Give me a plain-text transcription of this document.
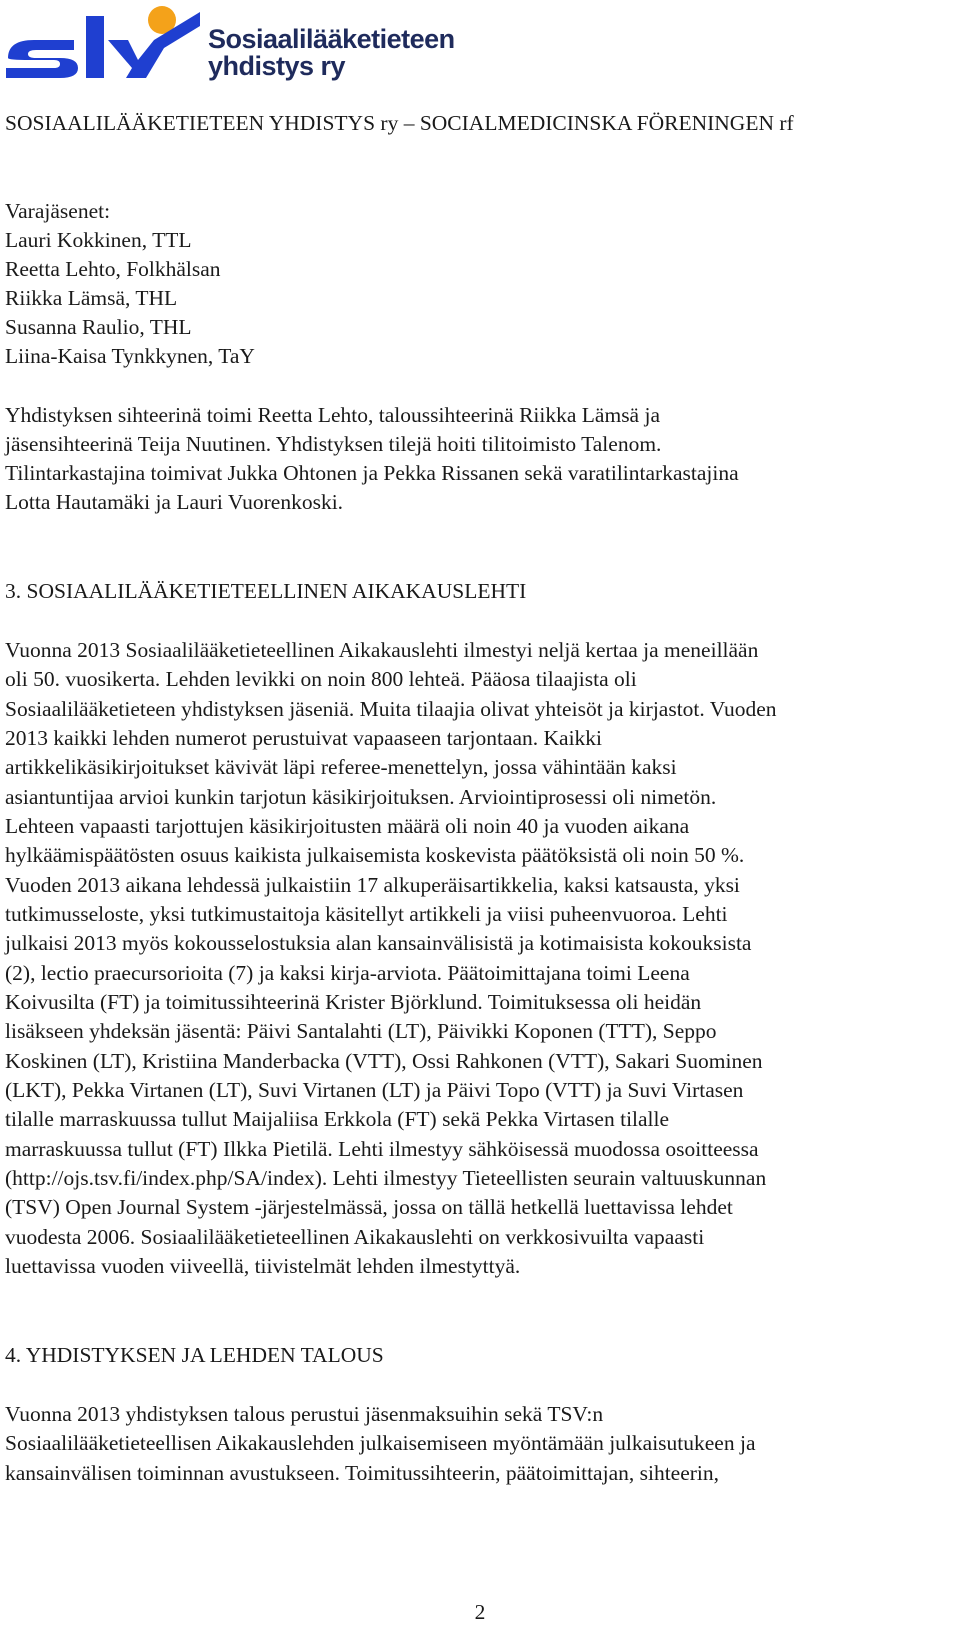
Sosiaalilääketieteen
yhdistys ry
SOSIAALILÄÄKETIETEEN YHDISTYS ry – SOCIALMEDICINSKA FÖRENINGEN rf
Varajäsenet:
Lauri Kokkinen, TTL
Reetta Lehto, Folkhälsan
Riikka Lämsä, THL
Susanna Raulio, THL
Liina-Kaisa Tynkkynen, TaY
Yhdistyksen sihteerinä toimi Reetta Lehto, taloussihteerinä Riikka Lämsä ja
jäsensihteerinä Teija Nuutinen. Yhdistyksen tilejä hoiti tilitoimisto Talenom.
Tilintarkastajina toimivat Jukka Ohtonen ja Pekka Rissanen sekä varatilintarkastajina
Lotta Hautamäki ja Lauri Vuorenkoski.
3. SOSIAALILÄÄKETIETEELLINEN AIKAKAUSLEHTI
Vuonna 2013 Sosiaalilääketieteellinen Aikakauslehti ilmestyi neljä kertaa ja meneillään
oli 50. vuosikerta. Lehden levikki on noin 800 lehteä. Pääosa tilaajista oli
Sosiaalilääketieteen yhdistyksen jäseniä. Muita tilaajia olivat yhteisöt ja kirjastot. Vuoden
2013 kaikki lehden numerot perustuivat vapaaseen tarjontaan. Kaikki
artikkelikäsikirjoitukset kävivät läpi referee-menettelyn, jossa vähintään kaksi
asiantuntijaa arvioi kunkin tarjotun käsikirjoituksen. Arviointiprosessi oli nimetön.
Lehteen vapaasti tarjottujen käsikirjoitusten määrä oli noin 40 ja vuoden aikana
hylkäämispäätösten osuus kaikista julkaisemista koskevista päätöksistä oli noin 50 %.
Vuoden 2013 aikana lehdessä julkaistiin 17 alkuperäisartikkelia, kaksi katsausta, yksi
tutkimusseloste, yksi tutkimustaitoja käsitellyt artikkeli ja viisi puheenvuoroa. Lehti
julkaisi 2013 myös kokousselostuksia alan kansainvälisistä ja kotimaisista kokouksista
(2), lectio praecursorioita (7) ja kaksi kirja-arviota. Päätoimittajana toimi Leena
Koivusilta (FT) ja toimitussihteerinä Krister Björklund. Toimituksessa oli heidän
lisäkseen yhdeksän jäsentä: Päivi Santalahti (LT), Päivikki Koponen (TTT), Seppo
Koskinen (LT), Kristiina Manderbacka (VTT), Ossi Rahkonen (VTT), Sakari Suominen
(LKT), Pekka Virtanen (LT), Suvi Virtanen (LT) ja Päivi Topo (VTT) ja Suvi Virtasen
tilalle marraskuussa tullut Maijaliisa Erkkola (FT) sekä Pekka Virtasen tilalle
marraskuussa tullut (FT) Ilkka Pietilä. Lehti ilmestyy sähköisessä muodossa osoitteessa
(http://ojs.tsv.fi/index.php/SA/index). Lehti ilmestyy Tieteellisten seurain valtuuskunnan
(TSV) Open Journal System -järjestelmässä, jossa on tällä hetkellä luettavissa lehdet
vuodesta 2006. Sosiaalilääketieteellinen Aikakauslehti on verkkosivuilta vapaasti
luettavissa vuoden viiveellä, tiivistelmät lehden ilmestyttyä.
4. YHDISTYKSEN JA LEHDEN TALOUS
Vuonna 2013 yhdistyksen talous perustui jäsenmaksuihin sekä TSV:n
Sosiaalilääketieteellisen Aikakauslehden julkaisemiseen myöntämään julkaisutukeen ja
kansainvälisen toiminnan avustukseen. Toimitussihteerin, päätoimittajan, sihteerin,
2
